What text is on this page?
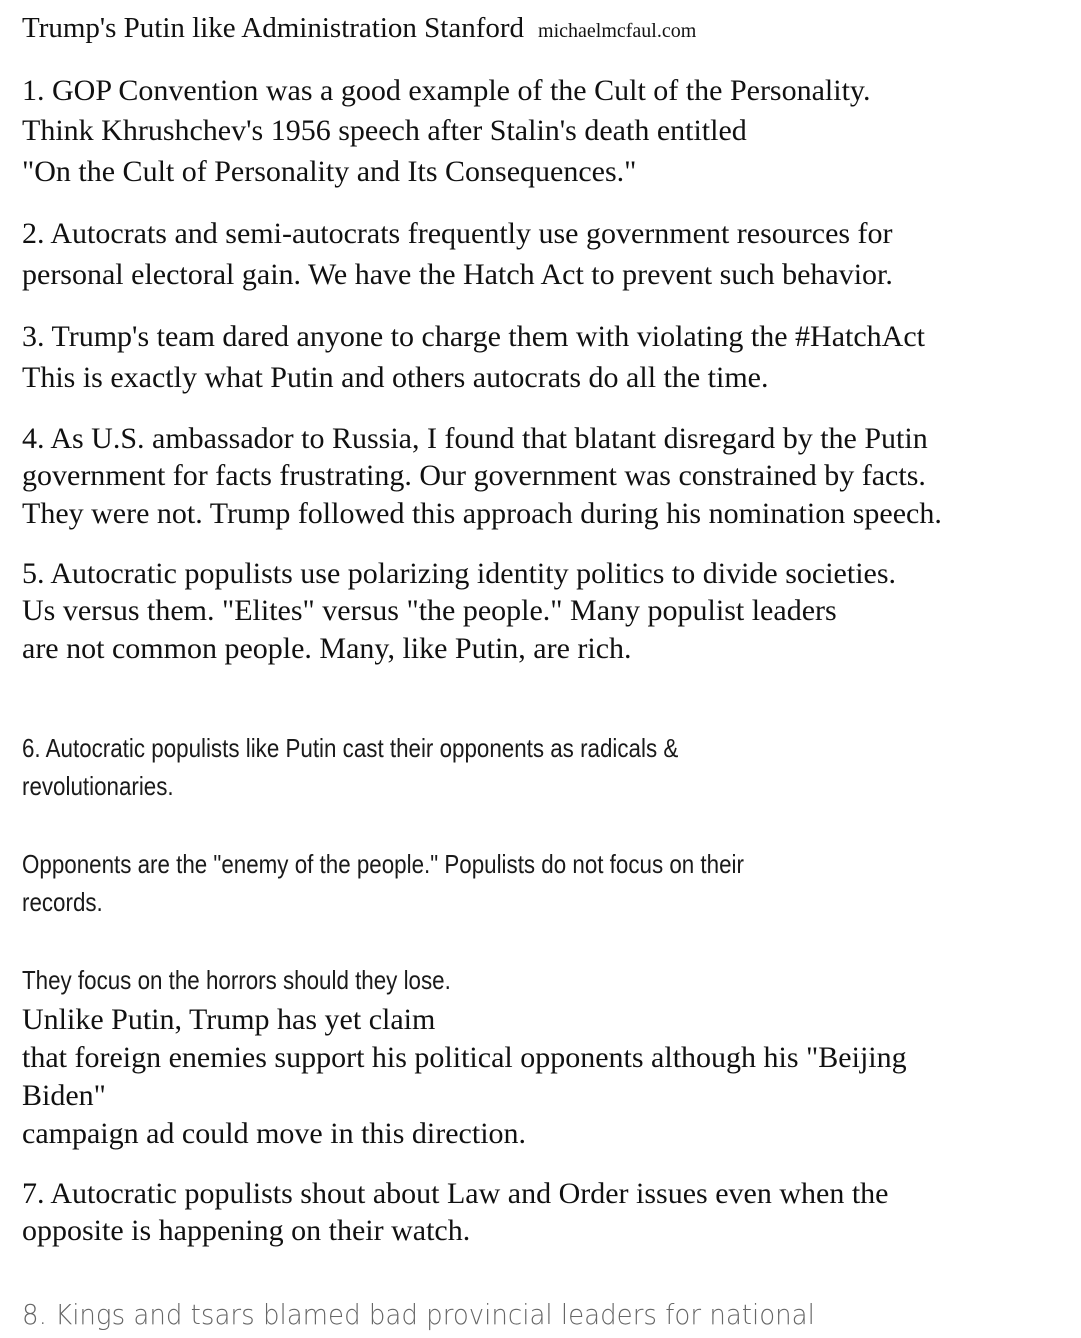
Trump's Putin like Administration Stanford michaelmcfaul.com
1. GOP Convention was a good example of the Cult of the Personality.
Think Khrushchev's 1956 speech after Stalin's death entitled
"On the Cult of Personality and Its Consequences."
2. Autocrats and semi-autocrats frequently use government resources for
personal electoral gain. We have the Hatch Act to prevent such behavior.
3. Trump's team dared anyone to charge them with violating the #HatchAct
This is exactly what Putin and others autocrats do all the time.
4. As U.S. ambassador to Russia, I found that blatant disregard by the Putin
government for facts frustrating. Our government was constrained by facts.
They were not. Trump followed this approach during his nomination speech.
5. Autocratic populists use polarizing identity politics to divide societies.
Us versus them. "Elites" versus "the people." Many populist leaders
are not common people. Many, like Putin, are rich.
6. Autocratic populists like Putin cast their opponents as radicals &
revolutionaries.
Opponents are the "enemy of the people." Populists do not focus on their
records.
They focus on the horrors should they lose.
Unlike Putin, Trump has yet claim
that foreign enemies support his political opponents although his "Beijing
Biden"
campaign ad could move in this direction.
7. Autocratic populists shout about Law and Order issues even when the
opposite is happening on their watch.
8. Kings and tsars blamed bad provincial leaders for national
